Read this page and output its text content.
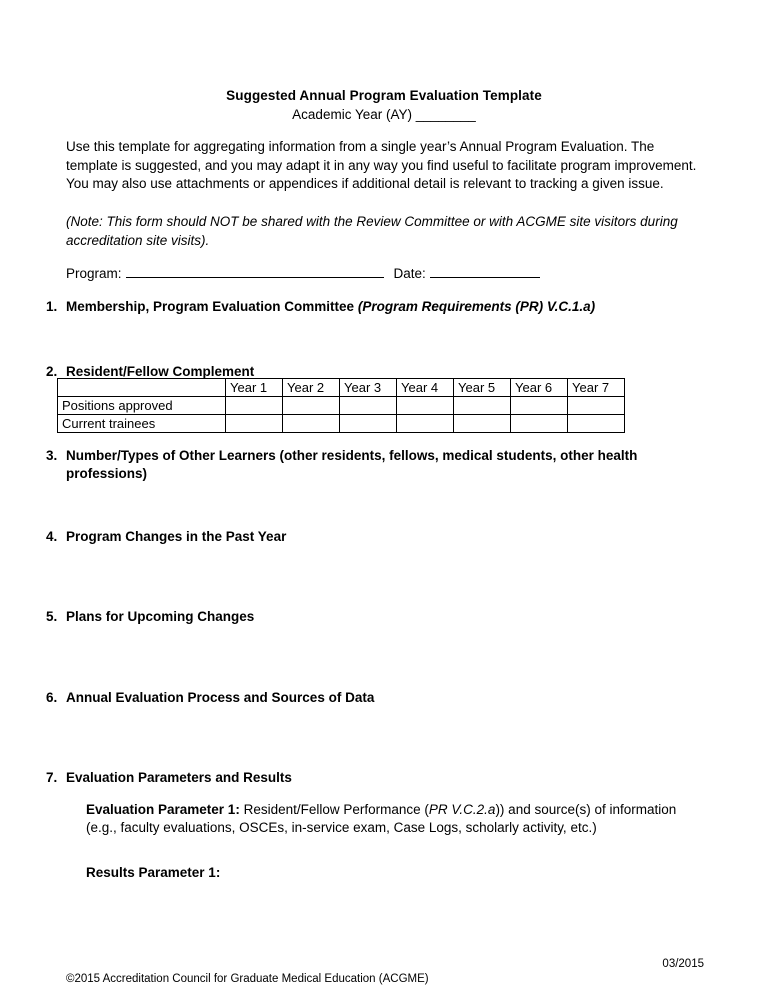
Suggested Annual Program Evaluation Template
Academic Year (AY) ________
Use this template for aggregating information from a single year’s Annual Program Evaluation. The template is suggested, and you may adapt it in any way you find useful to facilitate program improvement. You may also use attachments or appendices if additional detail is relevant to tracking a given issue.
(Note: This form should NOT be shared with the Review Committee or with ACGME site visitors during accreditation site visits).
Program:	Date:
1. Membership, Program Evaluation Committee (Program Requirements (PR) V.C.1.a)
2. Resident/Fellow Complement
	Year 1	Year 2	Year 3	Year 4	Year 5	Year 6	Year 7
Positions approved							
Current trainees							
3. Number/Types of Other Learners (other residents, fellows, medical students, other health professions)
4. Program Changes in the Past Year
5. Plans for Upcoming Changes
6. Annual Evaluation Process and Sources of Data
7. Evaluation Parameters and Results
Evaluation Parameter 1: Resident/Fellow Performance (PR V.C.2.a)) and source(s) of information (e.g., faculty evaluations, OSCEs, in-service exam, Case Logs, scholarly activity, etc.)
Results Parameter 1:
03/2015
©2015 Accreditation Council for Graduate Medical Education (ACGME)
